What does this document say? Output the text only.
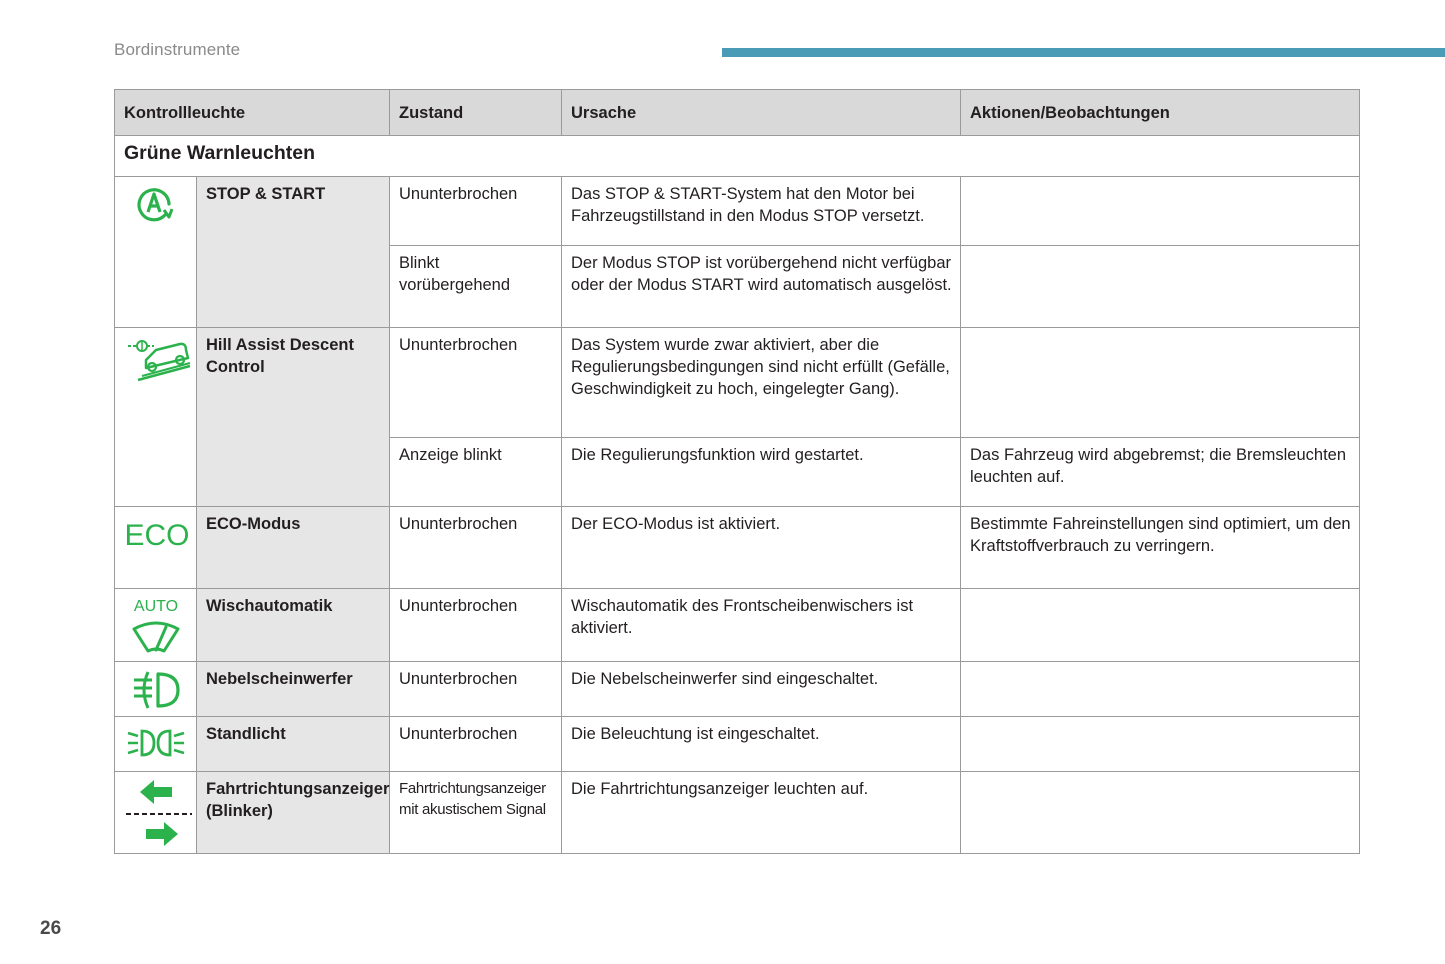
Bordinstrumente
Kontrollleuchte		Zustand	Ursache	Aktionen/Beobachtungen
Grüne Warnleuchten				

	STOP & START	Ununterbrochen	Das STOP & START-System hat den Motor bei Fahrzeugstillstand in den Modus STOP versetzt.	
		Blinkt vorübergehend	Der Modus STOP ist vorübergehend nicht verfügbar oder der Modus START wird automatisch ausgelöst.	

	Hill Assist Descent Control	Ununterbrochen	Das System wurde zwar aktiviert, aber die Regulierungsbedingungen sind nicht erfüllt (Gefälle, Geschwindigkeit zu hoch, eingelegter Gang).	
		Anzeige blinkt	Die Regulierungsfunktion wird gestartet.	Das Fahrzeug wird abgebremst; die Bremsleuchten leuchten auf.

ECO	ECO-Modus	Ununterbrochen	Der ECO-Modus ist aktiviert.	Bestimmte Fahreinstellungen sind optimiert, um den Kraftstoffverbrauch zu verringern.

AUTO	Wischautomatik	Ununterbrochen	Wischautomatik des Frontscheibenwischers ist aktiviert.	

	Nebelscheinwerfer	Ununterbrochen	Die Nebelscheinwerfer sind eingeschaltet.	

	Standlicht	Ununterbrochen	Die Beleuchtung ist eingeschaltet.	

	Fahrtrichtungsanzeiger (Blinker)	Fahrtrichtungsanzeiger mit akustischem Signal	Die Fahrtrichtungsanzeiger leuchten auf.	
26
